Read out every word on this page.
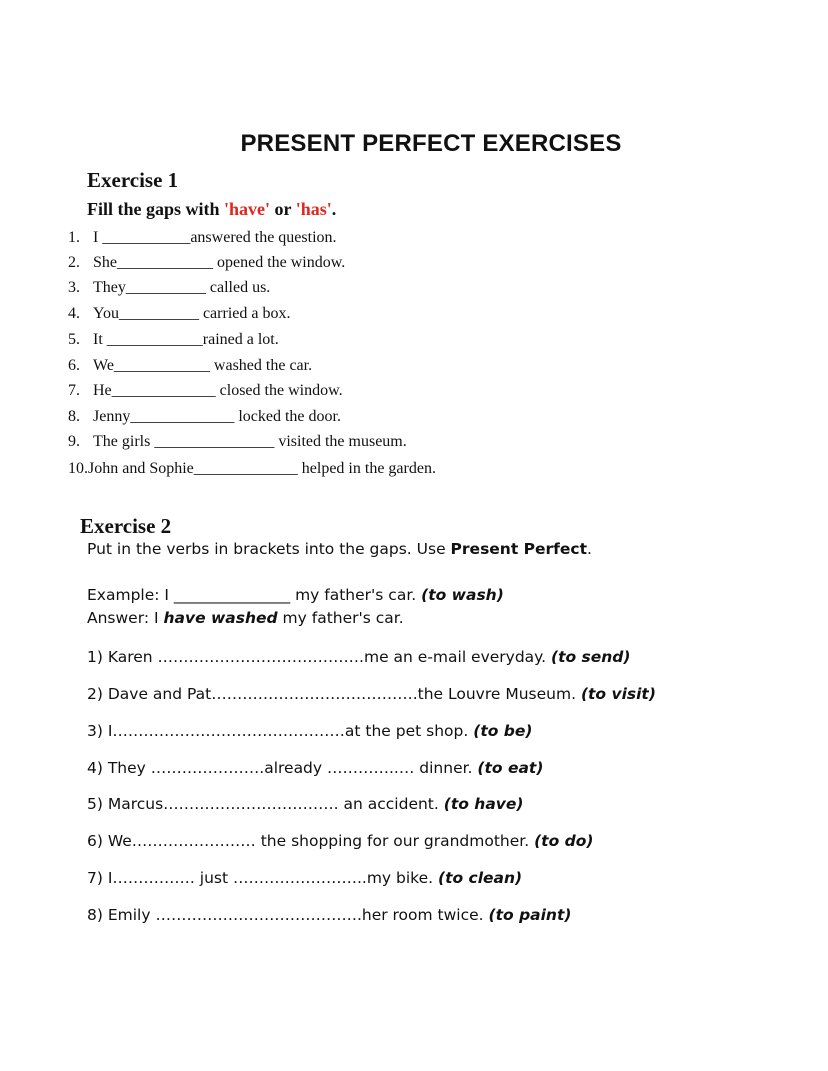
PRESENT PERFECT EXERCISES
Exercise 1
Fill the gaps with 'have' or 'has'.
1. I ___________answered the question.
2. She____________ opened the window.
3. They__________ called us.
4. You__________ carried a box.
5. It ____________rained a lot.
6. We____________ washed the car.
7. He_____________ closed the window.
8. Jenny_____________ locked the door.
9. The girls _______________ visited the museum.
10.John and Sophie_____________ helped in the garden.
Exercise 2
Put in the verbs in brackets into the gaps. Use Present Perfect.
Example: I _______________ my father's car. (to wash)
Answer: I have washed my father's car.
1) Karen ………………………………….me an e-mail everyday. (to send)
2) Dave and Pat………………………………….the Louvre Museum. (to visit)
3) I………………………………………at the pet shop. (to be)
4) They ………………….already …………..… dinner. (to eat)
5) Marcus……………………………. an accident. (to have)
6) We…………………… the shopping for our grandmother. (to do)
7) I……………. just ……………………..my bike. (to clean)
8) Emily ………………………………….her room twice. (to paint)
